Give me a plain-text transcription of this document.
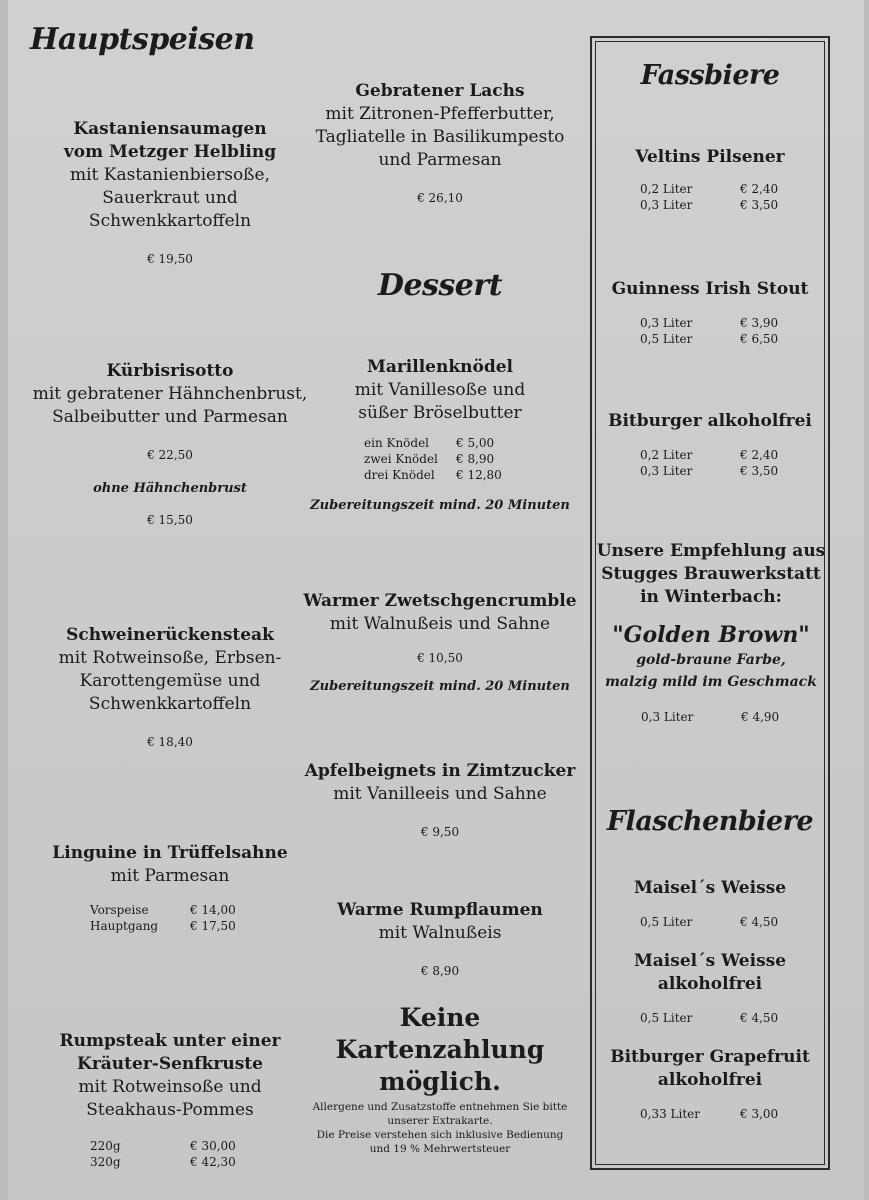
Hauptspeisen
Kastaniensaumagen
vom Metzger Helbling
mit Kastanienbiersoße,
Sauerkraut und
Schwenkkartoffeln
€ 19,50
Kürbisrisotto
mit gebratener Hähnchenbrust,
Salbeibutter und Parmesan
€ 22,50
ohne Hähnchenbrust
€ 15,50
Schweinerückensteak
mit Rotweinsoße, Erbsen-
Karottengemüse und
Schwenkkartoffeln
€ 18,40
Linguine in Trüffelsahne
mit Parmesan
Vorspeise	€ 14,00
Hauptgang	€ 17,50
Rumpsteak unter einer
Kräuter-Senfkruste
mit Rotweinsoße und
Steakhaus-Pommes
220g	€ 30,00
320g	€ 42,30
Gebratener Lachs
mit Zitronen-Pfefferbutter,
Tagliatelle in Basilikumpesto
und Parmesan
€ 26,10
Dessert
Marillenknödel
mit Vanillesoße und
süßer Bröselbutter
ein Knödel	€ 5,00
zwei Knödel	€ 8,90
drei Knödel	€ 12,80
Zubereitungszeit mind. 20 Minuten
Warmer Zwetschgencrumble
mit Walnußeis und Sahne
€ 10,50
Zubereitungszeit mind. 20 Minuten
Apfelbeignets in Zimtzucker
mit Vanilleeis und Sahne
€ 9,50
Warme Rumpflaumen
mit Walnußeis
€ 8,90
Keine Kartenzahlung
möglich.
Allergene und Zusatzstoffe entnehmen Sie bitte
unserer Extrakarte.
Die Preise verstehen sich inklusive Bedienung
und 19 % Mehrwertsteuer
Fassbiere
Veltins Pilsener
0,2 Liter	€ 2,40
0,3 Liter	€ 3,50
Guinness Irish Stout
0,3 Liter	€ 3,90
0,5 Liter	€ 6,50
Bitburger alkoholfrei
0,2 Liter	€ 2,40
0,3 Liter	€ 3,50
Unsere Empfehlung aus
Stugges Brauwerkstatt
in Winterbach:
"Golden Brown"
gold-braune Farbe,
malzig mild im Geschmack
0,3 Liter	€ 4,90
Flaschenbiere
Maisel´s Weisse
0,5 Liter	€ 4,50
Maisel´s Weisse
alkoholfrei
0,5 Liter	€ 4,50
Bitburger Grapefruit
alkoholfrei
0,33 Liter	€ 3,00
